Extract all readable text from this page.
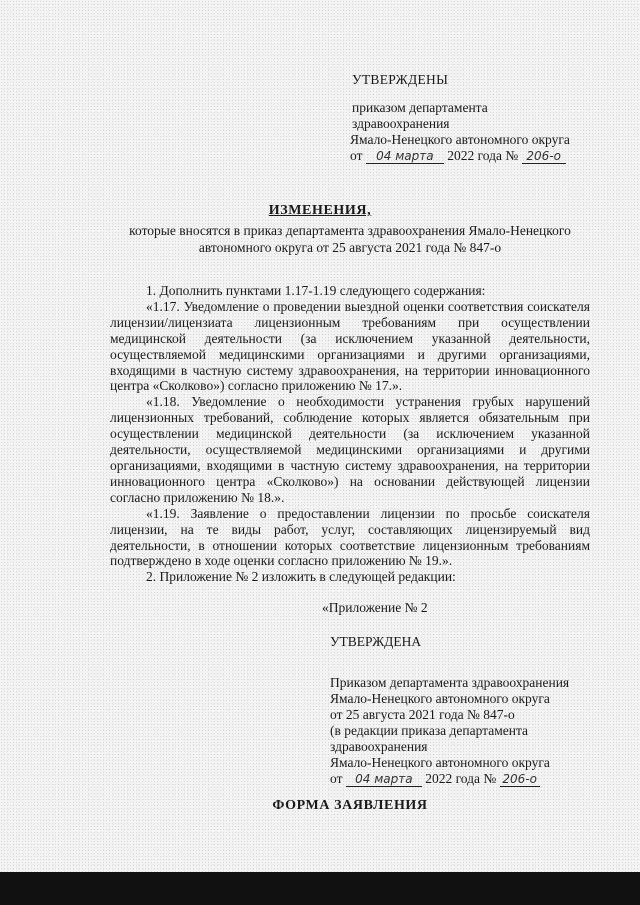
УТВЕРЖДЕНЫ
приказом департамента
здравоохранения
Ямало-Ненецкого автономного округа
от 04 марта 2022 года № 206-о
ИЗМЕНЕНИЯ,
которые вносятся в приказ департамента здравоохранения Ямало-Ненецкого автономного округа от 25 августа 2021 года № 847-о

1. Дополнить пунктами 1.17-1.19 следующего содержания:

«1.17. Уведомление о проведении выездной оценки соответствия соискателя лицензии/лицензиата лицензионным требованиям при осуществлении медицинской деятельности (за исключением указанной деятельности, осуществляемой медицинскими организациями и другими организациями, входящими в частную систему здравоохранения, на территории инновационного центра «Сколково») согласно приложению № 17.».

«1.18. Уведомление о необходимости устранения грубых нарушений лицензионных требований, соблюдение которых является обязательным при осуществлении медицинской деятельности (за исключением указанной деятельности, осуществляемой медицинскими организациями и другими организациями, входящими в частную систему здравоохранения, на территории инновационного центра «Сколково») на основании действующей лицензии согласно приложению № 18.».

«1.19. Заявление о предоставлении лицензии по просьбе соискателя лицензии, на те виды работ, услуг, составляющих лицензируемый вид деятельности, в отношении которых соответствие лицензионным требованиям подтверждено в ходе оценки согласно приложению № 19.».

2. Приложение № 2 изложить в следующей редакции:

«Приложение № 2
УТВЕРЖДЕНА
Приказом департамента здравоохранения
Ямало-Ненецкого автономного округа
от 25 августа 2021 года № 847-о
(в редакции приказа департамента
здравоохранения
Ямало-Ненецкого автономного округа
от 04 марта 2022 года № 206-о
ФОРМА ЗАЯВЛЕНИЯ
